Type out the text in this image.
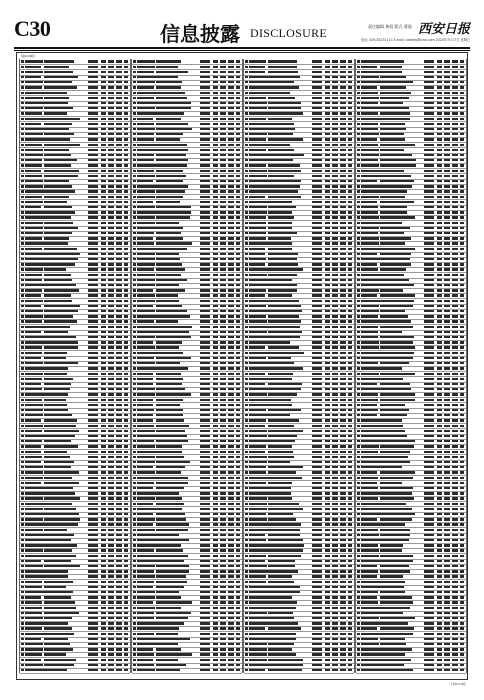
C30	信息披露 DISCLOSURE	责任编辑 黄晨 版式 曹晨 西安日报
电话: 029-82231114 E-mail: xaztdjs@sina.com 2024年3月17日 星期日
（接C29版）
（下转C31版）
